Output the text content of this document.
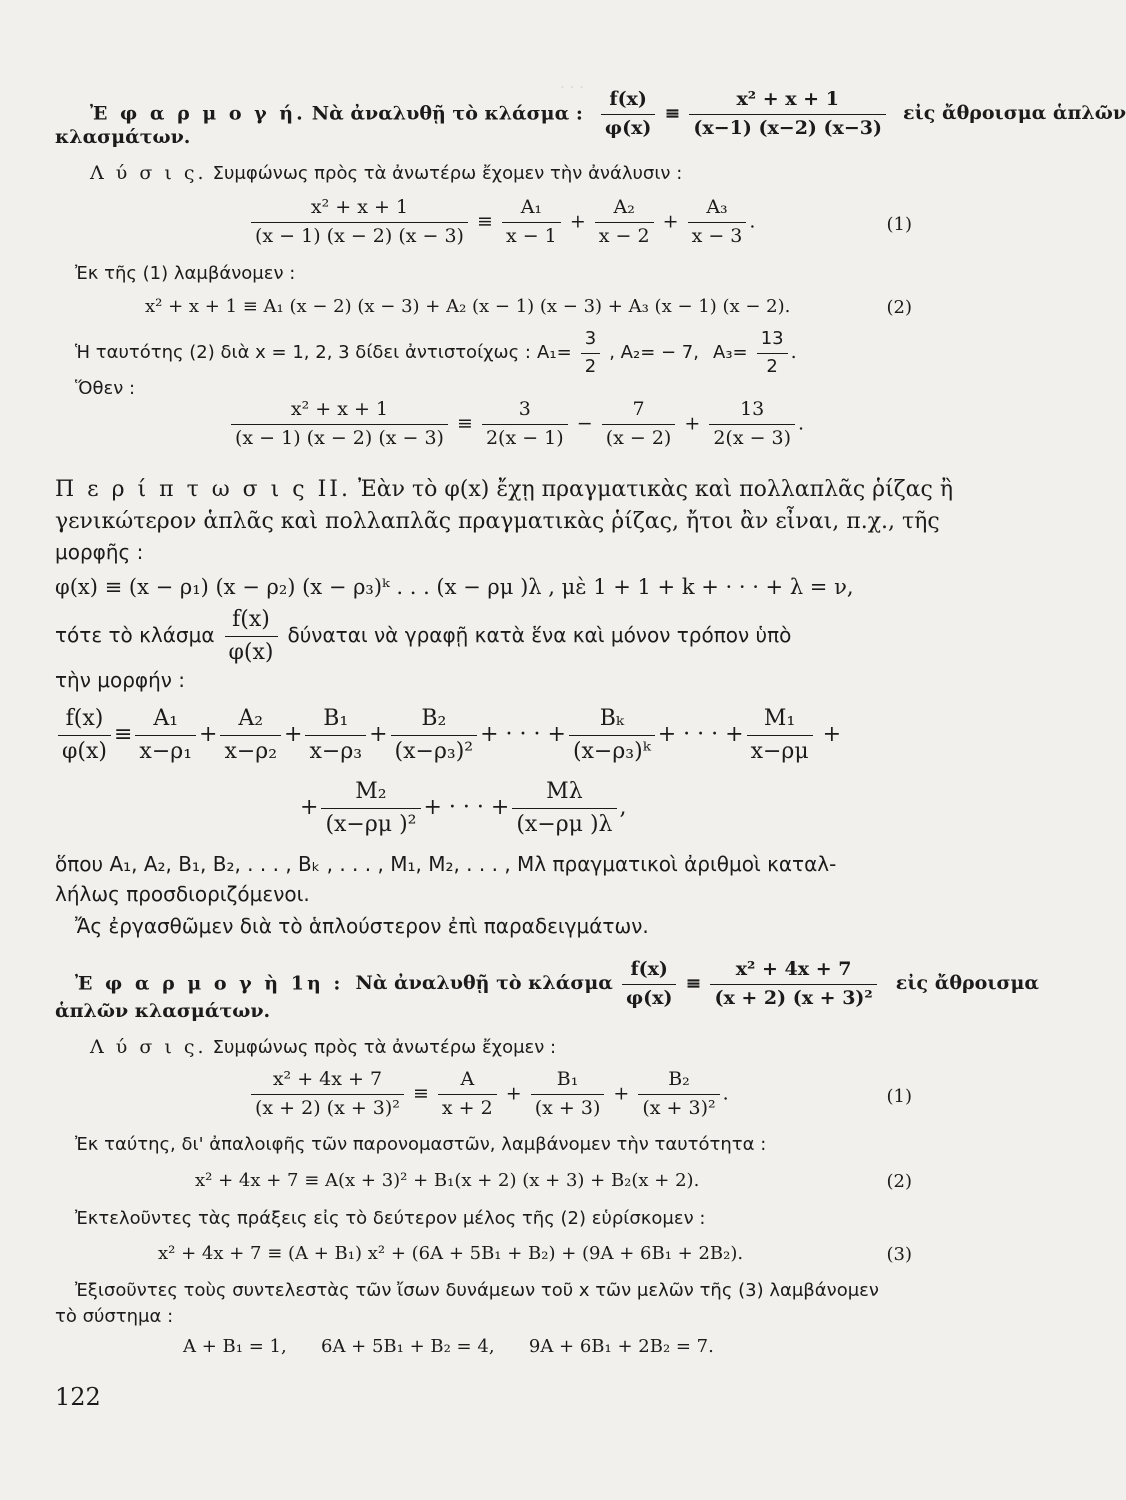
· · ·
Ἐ φ α ρ μ ο γ ή. Νὰ ἀναλυθῇ τὸ κλάσμα : $\frac{f(x)}{\varphi(x)} \equiv \frac{\text{x² + x + 1}}{(x-1) (x-2) (x-3)}$ εἰς ἄθροισμα ἁπλῶν
κλασμάτων.
Λ ύ σ ι ς. Συμφώνως πρὸς τὰ ἀνωτέρω ἔχομεν τὴν ἀνάλυσιν :
$\frac{\text{x² + x + 1}}{(x - 1) (x - 2) (x - 3)} \equiv \frac{\text{A₁}}{x - 1} + \frac{\text{A₂}}{x - 2} + \frac{\text{A₃}}{x - 3}$ .	(1)
Ἐκ τῆς (1) λαμβάνομεν :
x² + x + 1 ≡ A₁ (x − 2) (x − 3) + A₂ (x − 1) (x − 3) + A₃ (x − 1) (x − 2).	(2)
Ἡ ταυτότης (2) διὰ x = 1, 2, 3 δίδει ἀντιστοίχως : $A_1= \frac{3}{2}$ , A₂= − 7, $A_3= \frac{13}{2}$ .
Ὅθεν :
$\frac{\text{x² + x + 1}}{(x - 1) (x - 2) (x - 3)} \equiv \frac{3}{2(x - 1)} - \frac{7}{(x - 2)} + \frac{13}{2(x - 3)}$ .
Π ε ρ ί π τ ω σ ι ς II. Ἐὰν τὸ φ(x) ἔχῃ πραγματικὰς καὶ πολλαπλᾶς ῥίζας ἢ
γενικώτερον ἁπλᾶς καὶ πολλαπλᾶς πραγματικὰς ῥίζας, ἤτοι ἂν εἶναι, π.χ., τῆς
μορφῆς :
φ(x) ≡ (x − ρ₁) (x − ρ₂) (x − ρ₃)ᵏ . . . (x − ρμ )λ , μὲ 1 + 1 + k + · · · + λ = ν,
τότε τὸ κλάσμα $\frac{f(x)}{\varphi(x)}$ δύναται νὰ γραφῇ κατὰ ἕνα καὶ μόνον τρόπον ὑπὸ
τὴν μορφήν :
$\frac{f(x)}{\varphi(x)} \equiv \frac{\text{A₁}}{\text{x−ρ₁}} + \frac{\text{A₂}}{\text{x−ρ₂}} + \frac{\text{B₁}}{\text{x−ρ₃}} + \frac{\text{B₂}}{\text{(x−ρ₃)²}}$ + · · · + $\frac{\text{Bₖ}}{\text{(x−ρ₃)ᵏ}}$ + · · · + $\frac{\text{M₁}}{x-\rho\mu}$ +
+ $\frac{\text{M₂}}{\text{(x−ρμ )²}}$ + · · · + $\frac{M\lambda}{(x-\rho\mu )\lambda}$ ,
ὅπου A₁, A₂, B₁, B₂, . . . , Bₖ , . . . , M₁, M₂, . . . , Mλ πραγματικοὶ ἀριθμοὶ καταλ-
λήλως προσδιοριζόμενοι.
Ἄς ἐργασθῶμεν διὰ τὸ ἁπλούστερον ἐπὶ παραδειγμάτων.
Ἐ φ α ρ μ ο γ ὴ 1η : Νὰ ἀναλυθῇ τὸ κλάσμα $\frac{f(x)}{\varphi(x)} \equiv \frac{\text{x² + 4x + 7}}{\text{(x + 2) (x + 3)²}}$ εἰς ἄθροισμα
ἁπλῶν κλασμάτων.
Λ ύ σ ι ς. Συμφώνως πρὸς τὰ ἀνωτέρω ἔχομεν :
$\frac{\text{x² + 4x + 7}}{\text{(x + 2) (x + 3)²}} \equiv \frac{A}{x + 2} + \frac{\text{B₁}}{(x + 3)} + \frac{\text{B₂}}{\text{(x + 3)²}}$ .	(1)
Ἐκ ταύτης, δι' ἀπαλοιφῆς τῶν παρονομαστῶν, λαμβάνομεν τὴν ταυτότητα :
x² + 4x + 7 ≡ A(x + 3)² + B₁(x + 2) (x + 3) + B₂(x + 2).	(2)
Ἐκτελοῦντες τὰς πράξεις εἰς τὸ δεύτερον μέλος τῆς (2) εὑρίσκομεν :
x² + 4x + 7 ≡ (A + B₁) x² + (6A + 5B₁ + B₂) + (9A + 6B₁ + 2B₂).	(3)
Ἐξισοῦντες τοὺς συντελεστὰς τῶν ἴσων δυνάμεων τοῦ x τῶν μελῶν τῆς (3) λαμβάνομεν
τὸ σύστημα :
A + B₁ = 1,      6A + 5B₁ + B₂ = 4,      9A + 6B₁ + 2B₂ = 7.
122
